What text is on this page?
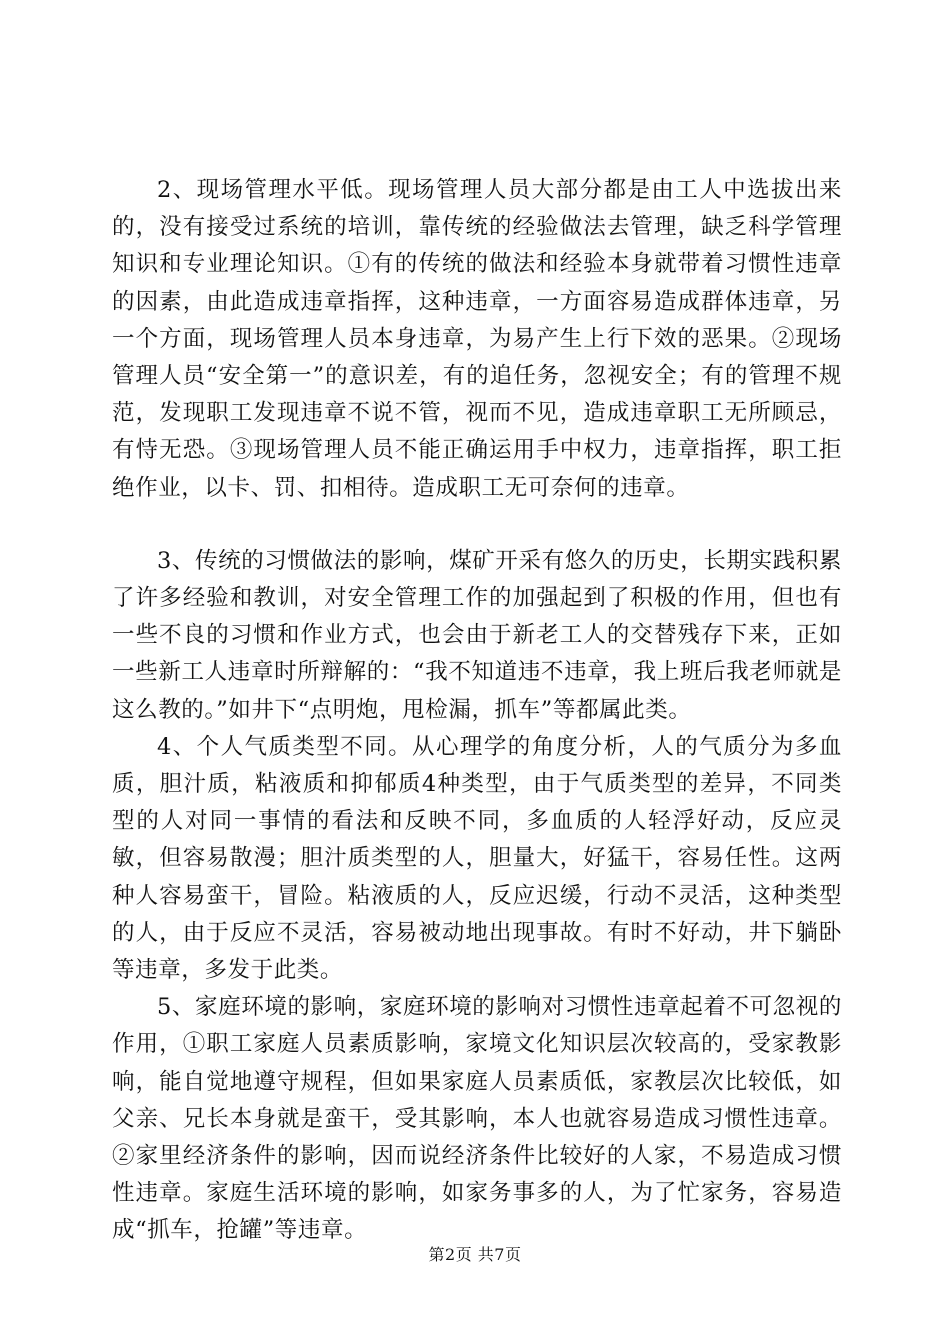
2、现场管理水平低。现场管理人员大部分都是由工人中选拔出来的，没有接受过系统的培训，靠传统的经验做法去管理，缺乏科学管理知识和专业理论知识。①有的传统的做法和经验本身就带着习惯性违章的因素，由此造成违章指挥，这种违章，一方面容易造成群体违章，另一个方面，现场管理人员本身违章，为易产生上行下效的恶果。②现场管理人员“安全第一”的意识差，有的追任务，忽视安全；有的管理不规范，发现职工发现违章不说不管，视而不见，造成违章职工无所顾忌，有恃无恐。③现场管理人员不能正确运用手中权力，违章指挥，职工拒绝作业，以卡、罚、扣相待。造成职工无可奈何的违章。

3、传统的习惯做法的影响，煤矿开采有悠久的历史，长期实践积累了许多经验和教训，对安全管理工作的加强起到了积极的作用，但也有一些不良的习惯和作业方式，也会由于新老工人的交替残存下来，正如一些新工人违章时所辩解的：“我不知道违不违章，我上班后我老师就是这么教的。”如井下“点明炮，甩检漏，抓车”等都属此类。

4、个人气质类型不同。从心理学的角度分析，人的气质分为多血质，胆汁质，粘液质和抑郁质4种类型，由于气质类型的差异，不同类型的人对同一事情的看法和反映不同，多血质的人轻浮好动，反应灵敏，但容易散漫；胆汁质类型的人，胆量大，好猛干，容易任性。这两种人容易蛮干，冒险。粘液质的人，反应迟缓，行动不灵活，这种类型的人，由于反应不灵活，容易被动地出现事故。有时不好动，井下躺卧等违章，多发于此类。

5、家庭环境的影响，家庭环境的影响对习惯性违章起着不可忽视的作用，①职工家庭人员素质影响，家境文化知识层次较高的，受家教影响，能自觉地遵守规程，但如果家庭人员素质低，家教层次比较低，如父亲、兄长本身就是蛮干，受其影响，本人也就容易造成习惯性违章。②家里经济条件的影响，因而说经济条件比较好的人家，不易造成习惯性违章。家庭生活环境的影响，如家务事多的人，为了忙家务，容易造成“抓车，抢罐”等违章。

第2页 共7页
